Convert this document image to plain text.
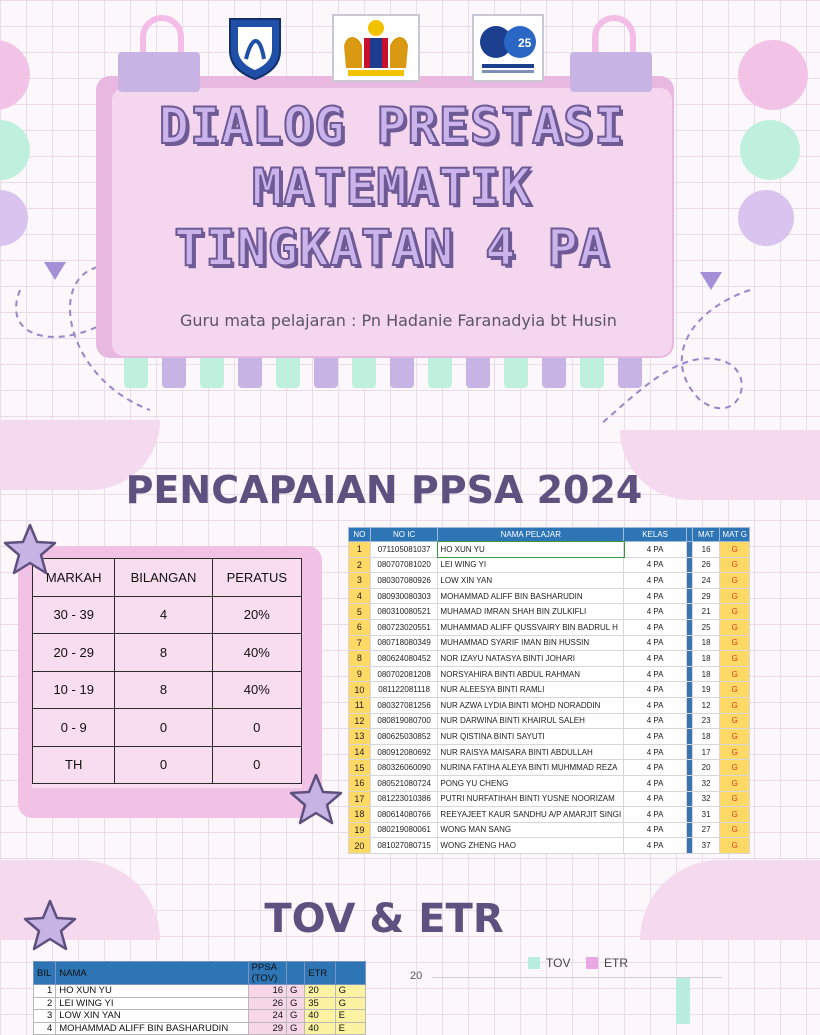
25
DIALOG PRESTASI
MATEMATIK
TINGKATAN 4 PA
Guru mata pelajaran : Pn Hadanie Faranadyia bt Husin
PENCAPAIAN PPSA 2024
MARKAH	BILANGAN	PERATUS
30 - 39	4	20%
20 - 29	8	40%
10 - 19	8	40%
0 - 9	0	0
TH	0	0
NO	NO IC	NAMA PELAJAR	KELAS		MAT	MAT G
1	071105081037	HO XUN YU	4 PA		16	G
2	080707081020	LEI WING YI	4 PA		26	G
3	080307080926	LOW XIN YAN	4 PA		24	G
4	080930080303	MOHAMMAD ALIFF BIN BASHARUDIN	4 PA		29	G
5	080310080521	MUHAMAD IMRAN SHAH BIN ZULKIFLI	4 PA		21	G
6	080723020551	MUHAMMAD ALIFF QUSSVAIRY BIN BADRUL H	4 PA		25	G
7	080718080349	MUHAMMAD SYARIF IMAN BIN HUSSIN	4 PA		18	G
8	080624080452	NOR IZAYU NATASYA BINTI JOHARI	4 PA		18	G
9	080702081208	NORSYAHIRA BINTI ABDUL RAHMAN	4 PA		18	G
10	081122081118	NUR ALEESYA BINTI RAMLI	4 PA		19	G
11	080327081256	NUR AZWA LYDIA BINTI MOHD NORADDIN	4 PA		12	G
12	080819080700	NUR DARWINA BINTI KHAIRUL SALEH	4 PA		23	G
13	080625030852	NUR QISTINA BINTI SAYUTI	4 PA		18	G
14	080912080692	NUR RAISYA MAISARA BINTI ABDULLAH	4 PA		17	G
15	080326060090	NURINA FATIHA ALEYA BINTI MUHMMAD REZA	4 PA		20	G
16	080521080724	PONG YU CHENG	4 PA		32	G
17	081223010386	PUTRI NURFATIHAH BINTI YUSNE NOORIZAM	4 PA		32	G
18	080614080766	REEYAJEET KAUR SANDHU A/P AMARJIT SINGI	4 PA		31	G
19	080219080061	WONG MAN SANG	4 PA		27	G
20	081027080715	WONG ZHENG HAO	4 PA		37	G
TOV & ETR
BIL	NAMA	PPSA (TOV)		ETR	
1	HO XUN YU	16	G	20	G
2	LEI WING YI	26	G	35	G
3	LOW XIN YAN	24	G	40	E
4	MOHAMMAD ALIFF BIN BASHARUDIN	29	G	40	E
20
TOV	ETR
